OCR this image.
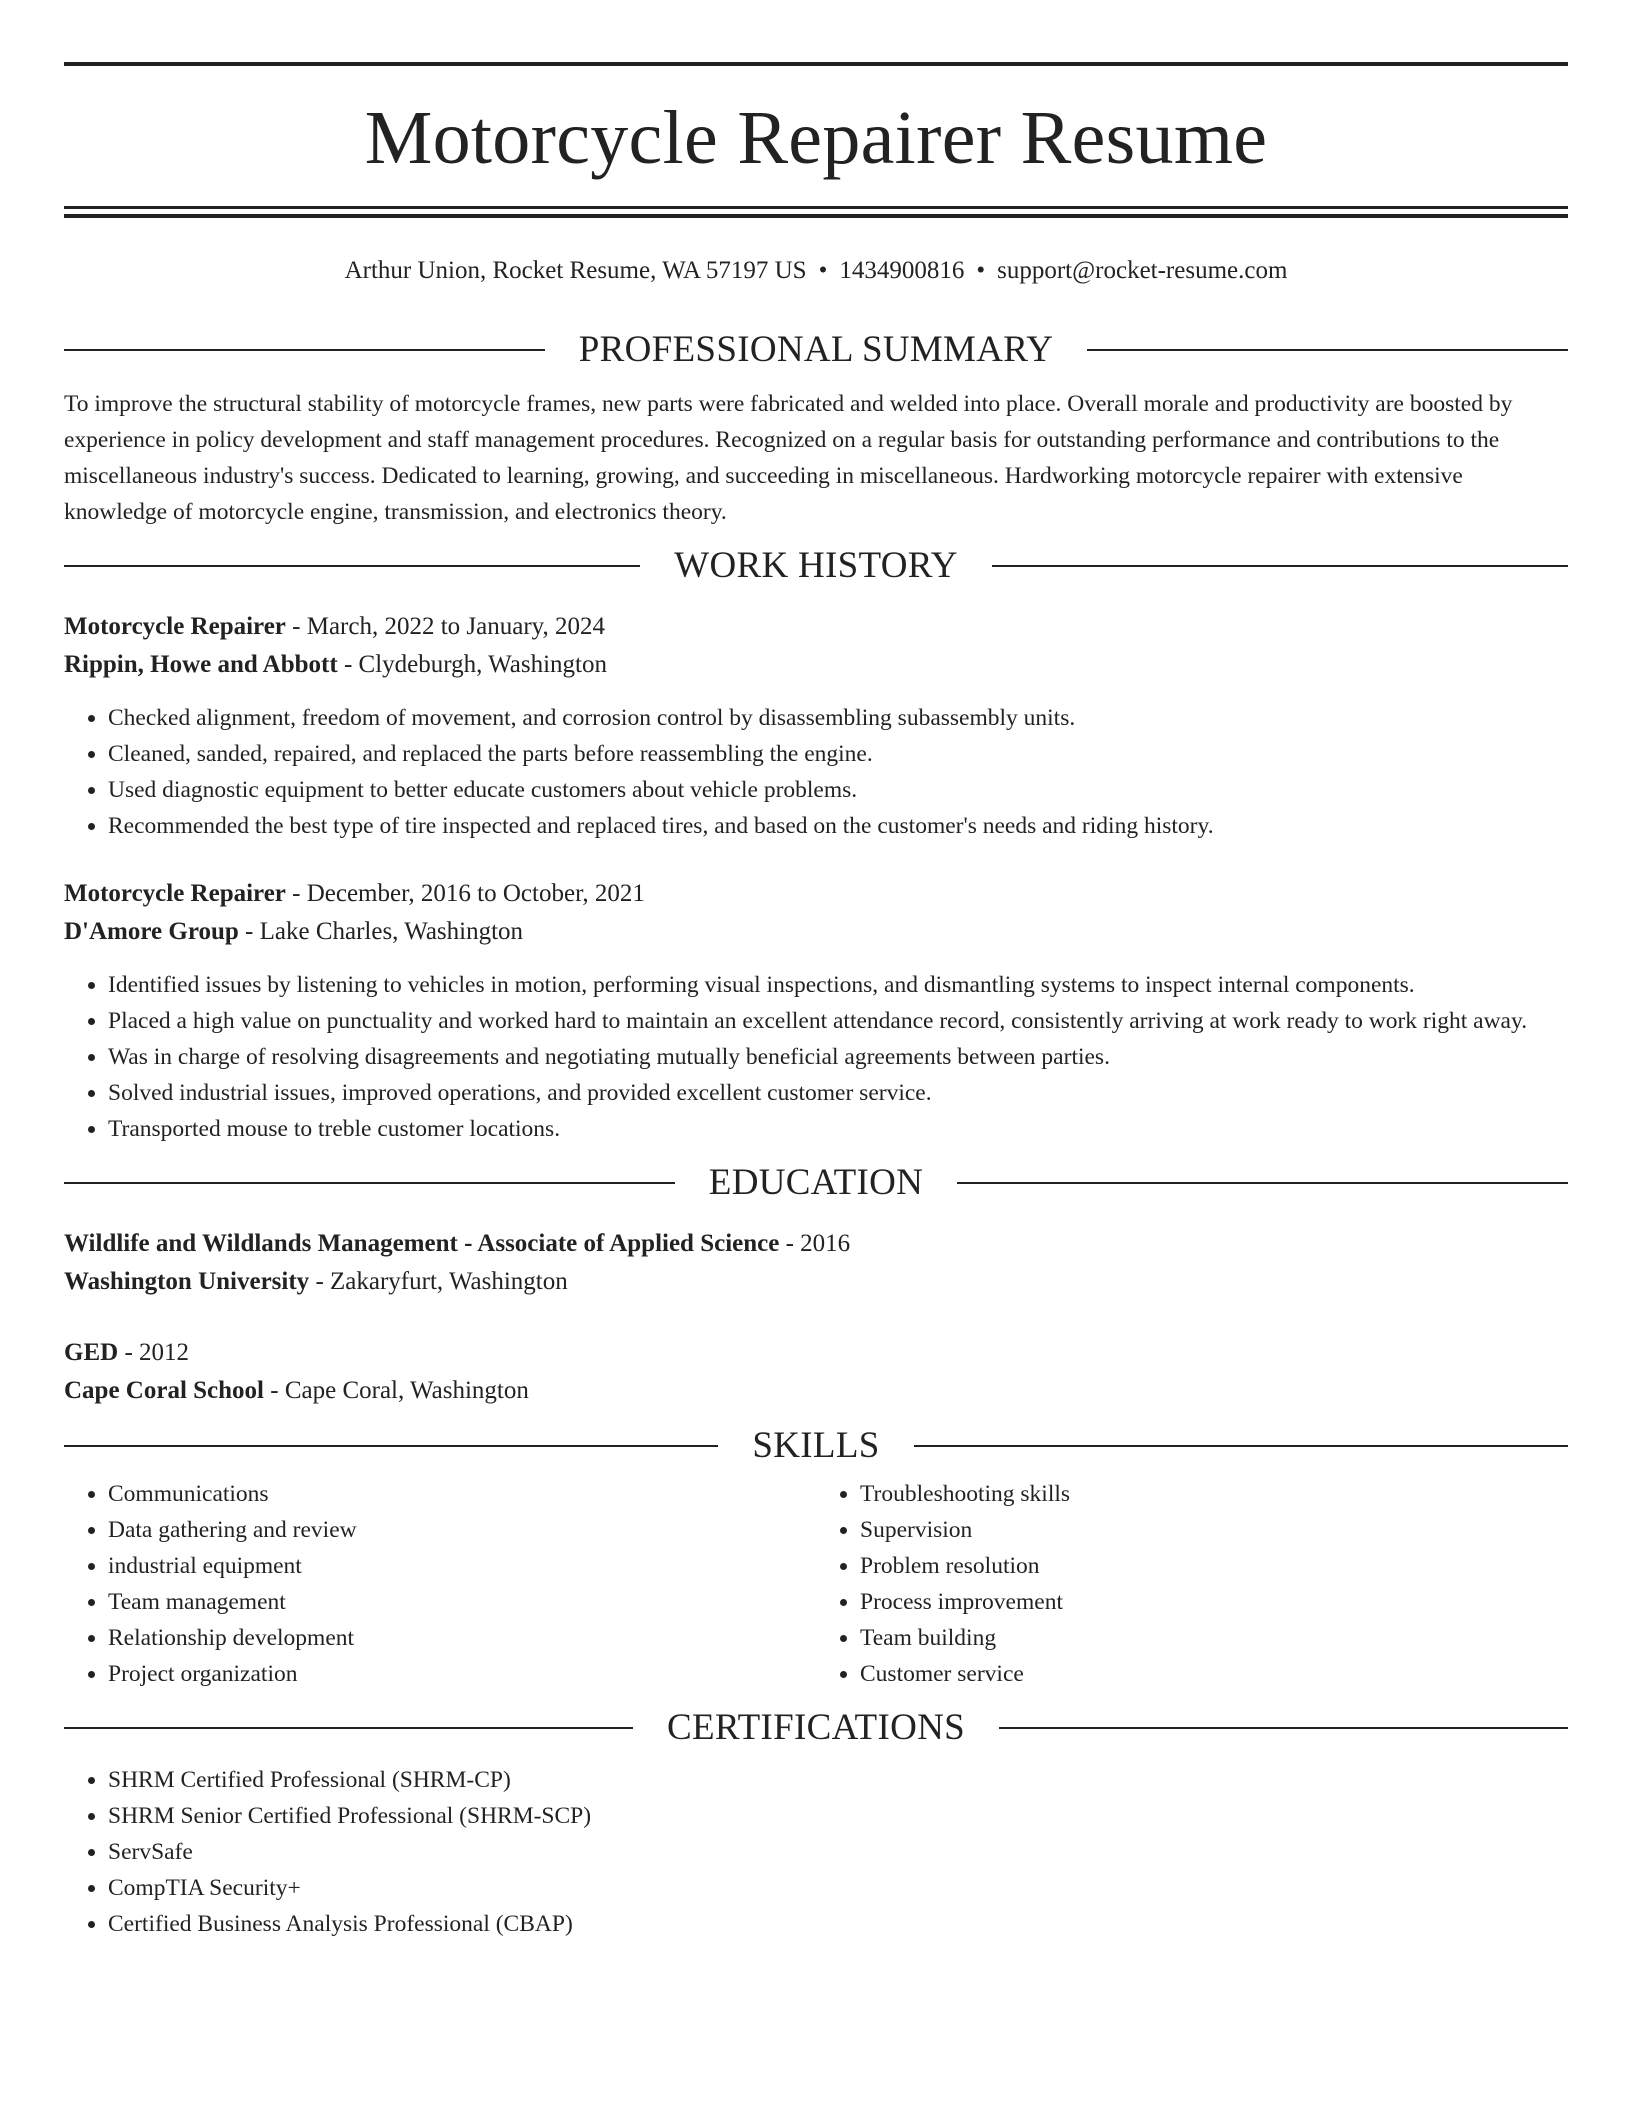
Motorcycle Repairer Resume
Arthur Union, Rocket Resume, WA 57197 US • 1434900816 • support@rocket-resume.com
PROFESSIONAL SUMMARY

To improve the structural stability of motorcycle frames, new parts were fabricated and welded into place. Overall morale and productivity are boosted by experience in policy development and staff management procedures. Recognized on a regular basis for outstanding performance and contributions to the miscellaneous industry's success. Dedicated to learning, growing, and succeeding in miscellaneous. Hardworking motorcycle repairer with extensive knowledge of motorcycle engine, transmission, and electronics theory.

WORK HISTORY
Motorcycle Repairer - March, 2022 to January, 2024
Rippin, Howe and Abbott - Clydeburgh, Washington
• Checked alignment, freedom of movement, and corrosion control by disassembling subassembly units.
• Cleaned, sanded, repaired, and replaced the parts before reassembling the engine.
• Used diagnostic equipment to better educate customers about vehicle problems.
• Recommended the best type of tire inspected and replaced tires, and based on the customer's needs and riding history.
Motorcycle Repairer - December, 2016 to October, 2021
D'Amore Group - Lake Charles, Washington
• Identified issues by listening to vehicles in motion, performing visual inspections, and dismantling systems to inspect internal components.
• Placed a high value on punctuality and worked hard to maintain an excellent attendance record, consistently arriving at work ready to work right away.
• Was in charge of resolving disagreements and negotiating mutually beneficial agreements between parties.
• Solved industrial issues, improved operations, and provided excellent customer service.
• Transported mouse to treble customer locations.
EDUCATION
Wildlife and Wildlands Management - Associate of Applied Science - 2016
Washington University - Zakaryfurt, Washington
GED - 2012
Cape Coral School - Cape Coral, Washington
SKILLS
• Communications
• Data gathering and review
• industrial equipment
• Team management
• Relationship development
• Project organization
• Troubleshooting skills
• Supervision
• Problem resolution
• Process improvement
• Team building
• Customer service
CERTIFICATIONS
• SHRM Certified Professional (SHRM-CP)
• SHRM Senior Certified Professional (SHRM-SCP)
• ServSafe
• CompTIA Security+
• Certified Business Analysis Professional (CBAP)
